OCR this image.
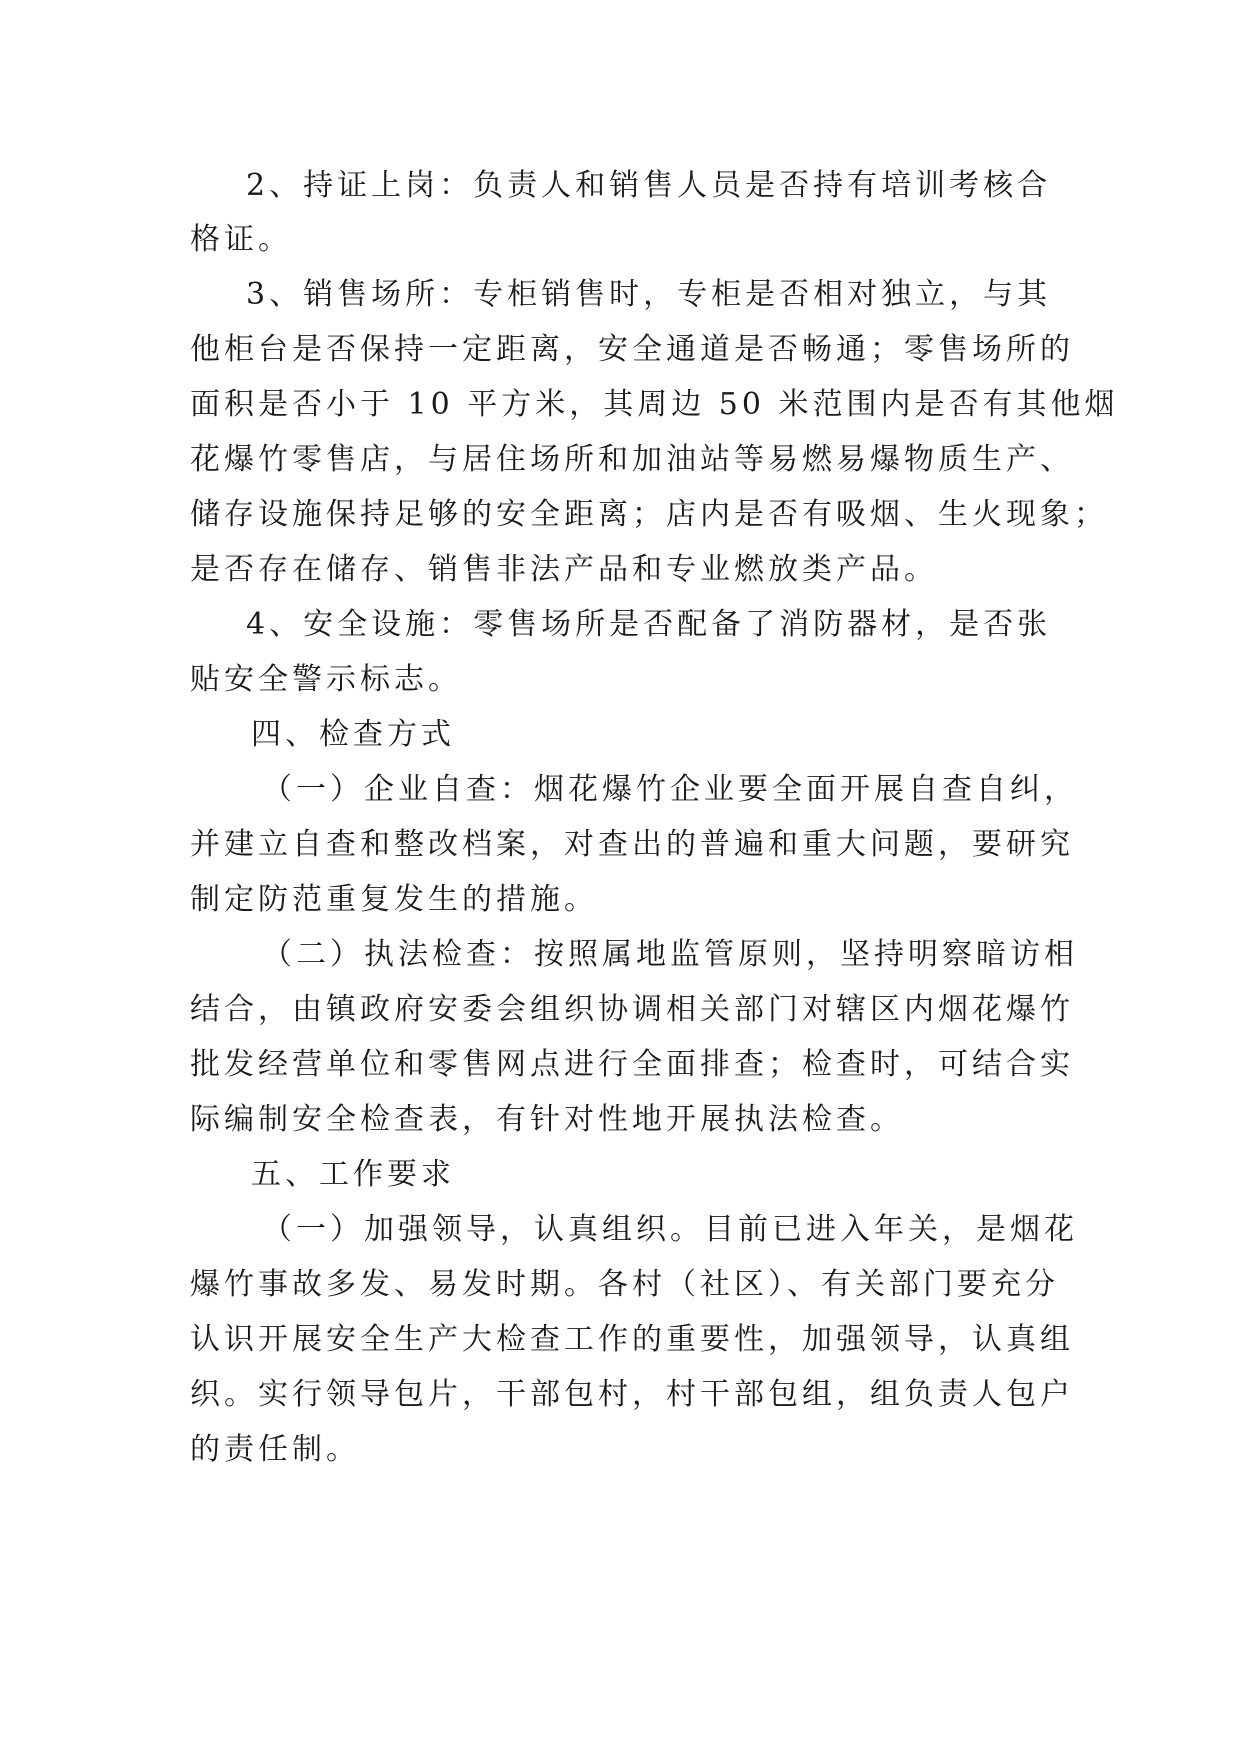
2、持证上岗：负责人和销售人员是否持有培训考核合
格证。
3、销售场所：专柜销售时，专柜是否相对独立，与其
他柜台是否保持一定距离，安全通道是否畅通；零售场所的
面积是否小于 10 平方米，其周边 50 米范围内是否有其他烟
花爆竹零售店，与居住场所和加油站等易燃易爆物质生产、
储存设施保持足够的安全距离；店内是否有吸烟、生火现象；
是否存在储存、销售非法产品和专业燃放类产品。
4、安全设施：零售场所是否配备了消防器材，是否张
贴安全警示标志。
四、检查方式
（一）企业自查：烟花爆竹企业要全面开展自查自纠，
并建立自查和整改档案，对查出的普遍和重大问题，要研究
制定防范重复发生的措施。
（二）执法检查：按照属地监管原则，坚持明察暗访相
结合，由镇政府安委会组织协调相关部门对辖区内烟花爆竹
批发经营单位和零售网点进行全面排查；检查时，可结合实
际编制安全检查表，有针对性地开展执法检查。
五、工作要求
（一）加强领导，认真组织。目前已进入年关，是烟花
爆竹事故多发、易发时期。各村（社区）、有关部门要充分
认识开展安全生产大检查工作的重要性，加强领导，认真组
织。实行领导包片，干部包村，村干部包组，组负责人包户
的责任制。
